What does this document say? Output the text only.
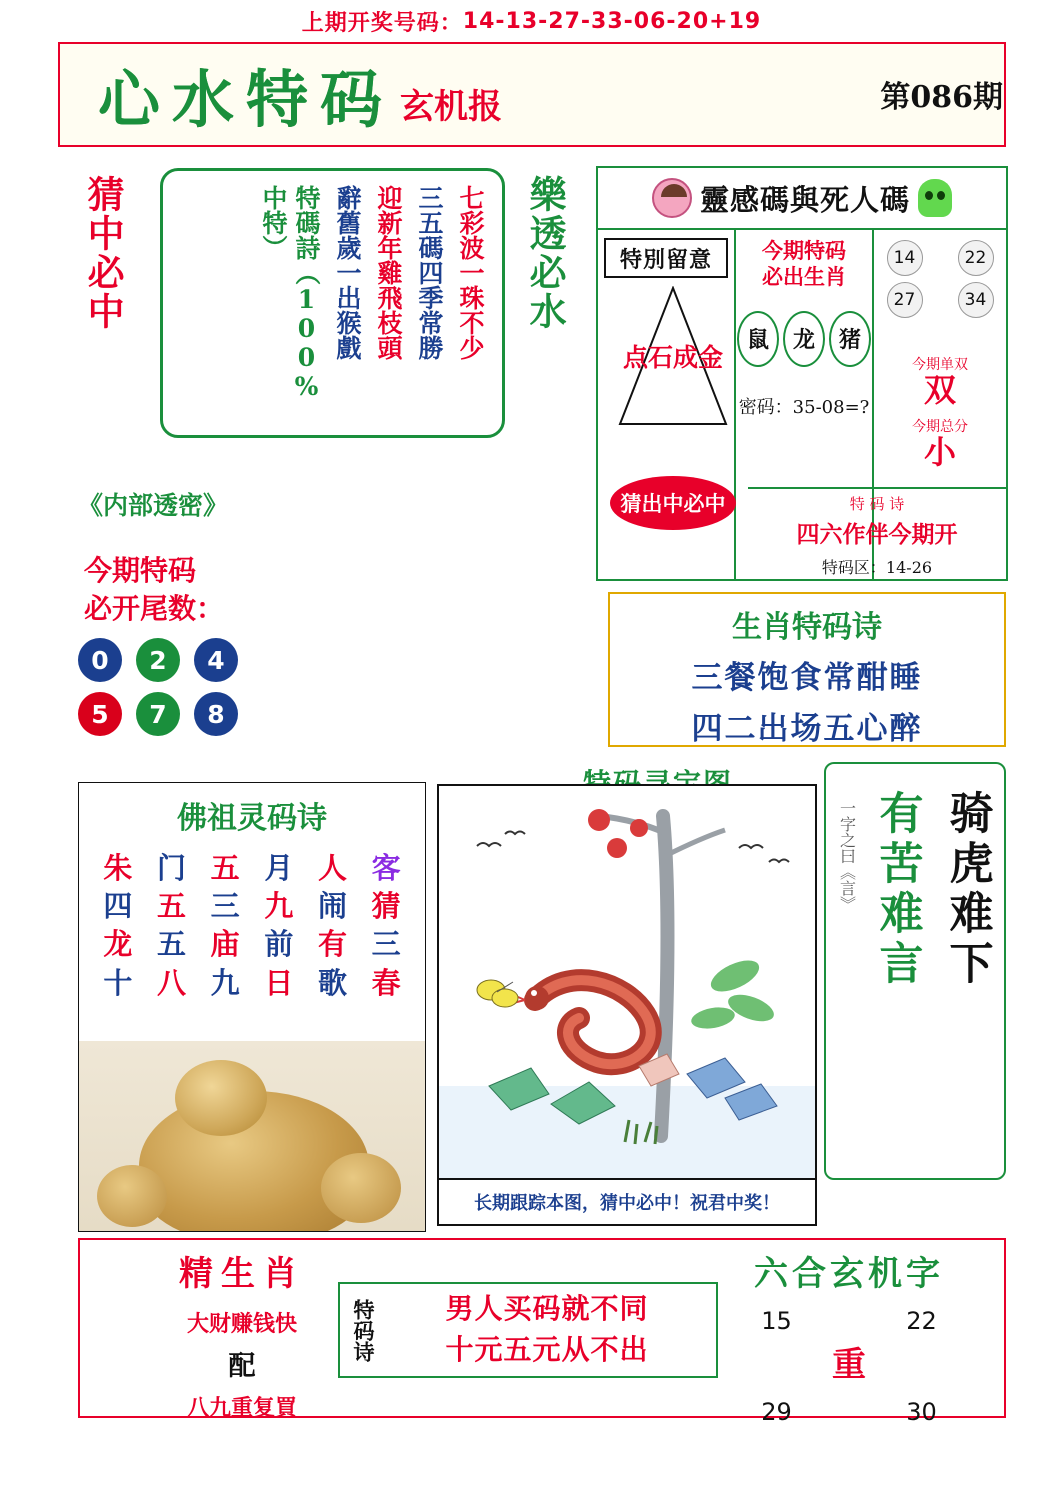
上期开奖号码： 14-13-27-33-06-20+19
心水特码 玄机报	第086期
猜中必中	七彩波一珠不少
三五碼四季常勝
迎新年雞飛枝頭
辭舊歲一出猴戲
特碼詩（100%中特）	樂透必水
《内部透密》
今期特码
必开尾数：
0	2	4
5	7	8
靈感碼與死人碼
特別留意
点石成金
猜出中必中
今期特码
必出生肖
鼠	龙	猪
密码：35-08=?
14	22
27	34
今期单双
双
今期总分
小
特 码 诗
四六作伴今期开
特码区：14-26
生肖特码诗
三餐饱食常酣睡
四二出场五心醉
佛祖灵码诗
朱 门 五 月 人 客
四 五 三 九 闹 猜
龙 五 庙 前 有 三
十 八 九 日 歌 春
长期跟踪本图，猜中必中！祝君中奖！
骑虎难下
有苦难言
一字之曰《言》
精生肖
大财赚钱快
配
八九重复買
特码诗	男人买码就不同
十元五元从不出
六合玄机字
15	22
重
29	30
